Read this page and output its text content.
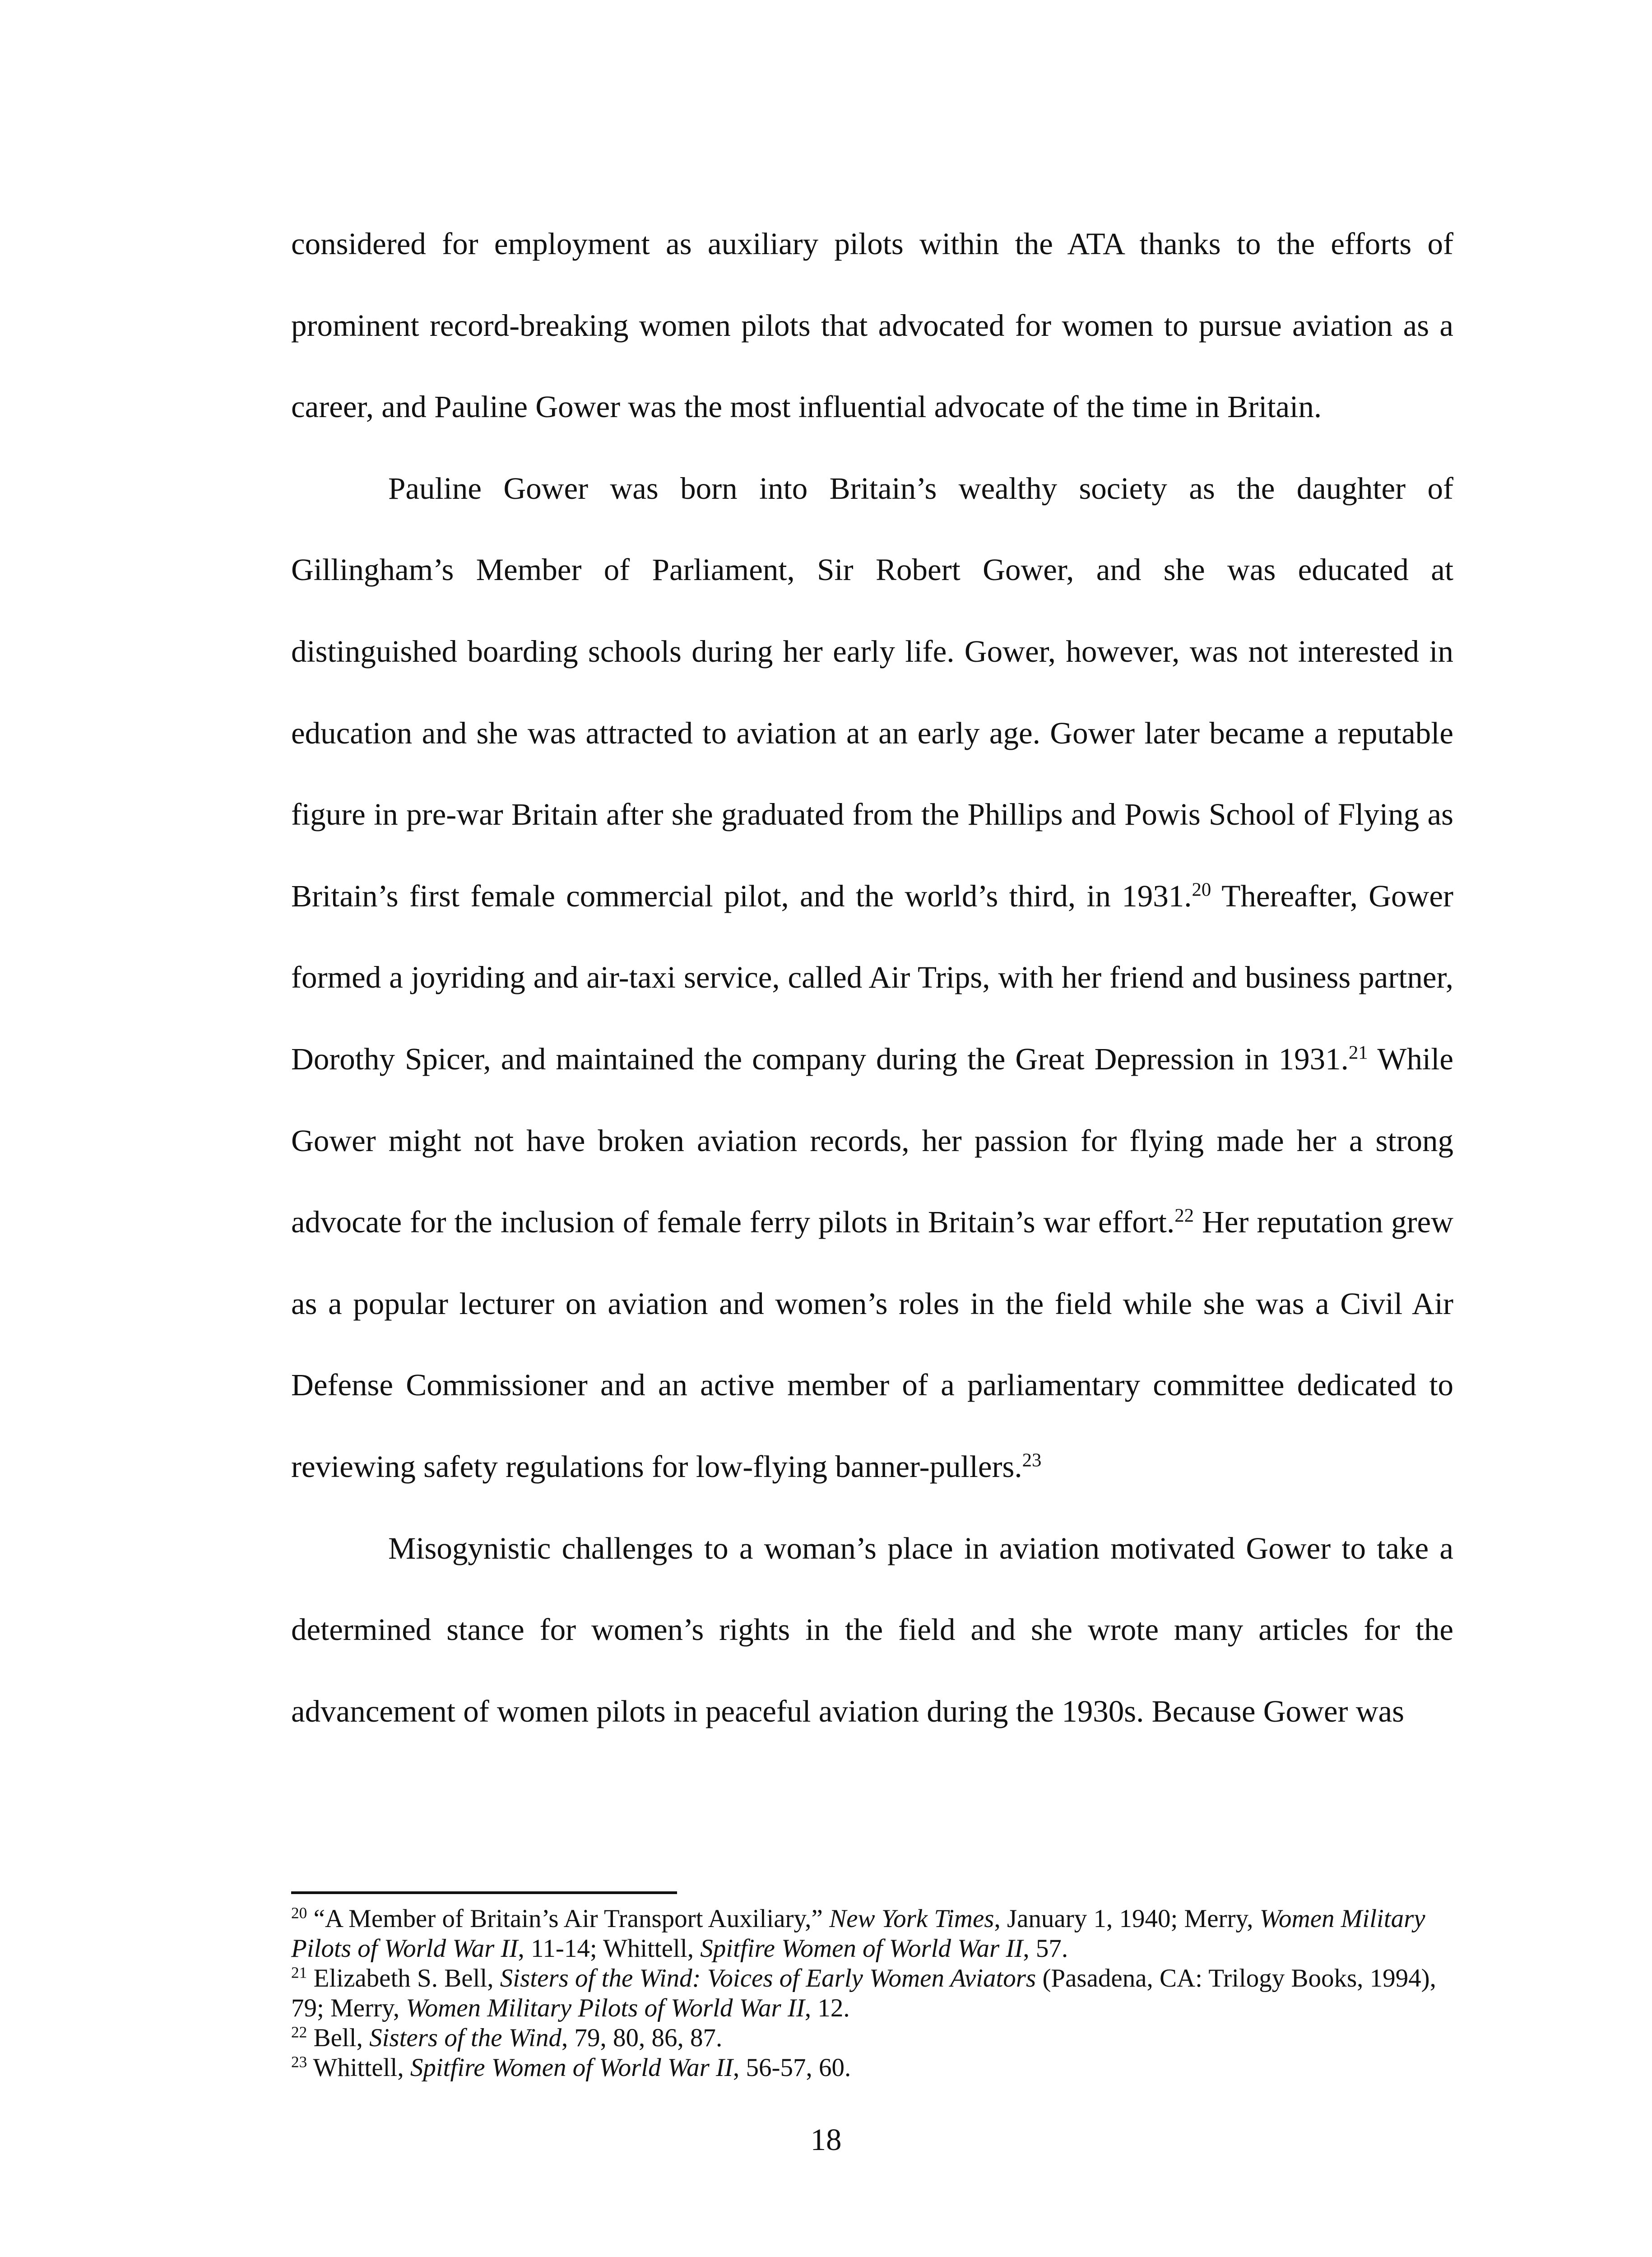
considered for employment as auxiliary pilots within the ATA thanks to the efforts of prominent record-breaking women pilots that advocated for women to pursue aviation as a career, and Pauline Gower was the most influential advocate of the time in Britain.

Pauline Gower was born into Britain’s wealthy society as the daughter of Gillingham’s Member of Parliament, Sir Robert Gower, and she was educated at distinguished boarding schools during her early life. Gower, however, was not interested in education and she was attracted to aviation at an early age. Gower later became a reputable figure in pre-war Britain after she graduated from the Phillips and Powis School of Flying as Britain’s first female commercial pilot, and the world’s third, in 1931.20 Thereafter, Gower formed a joyriding and air-taxi service, called Air Trips, with her friend and business partner, Dorothy Spicer, and maintained the company during the Great Depression in 1931.21 While Gower might not have broken aviation records, her passion for flying made her a strong advocate for the inclusion of female ferry pilots in Britain’s war effort.$^{22}$ Her reputation grew as a popular lecturer on aviation and women’s roles in the field while she was a Civil Air Defense Commissioner and an active member of a parliamentary committee dedicated to reviewing safety regulations for low-flying banner-pullers.$^{23}$

Misogynistic challenges to a woman’s place in aviation motivated Gower to take a determined stance for women’s rights in the field and she wrote many articles for the advancement of women pilots in peaceful aviation during the 1930s. Because Gower was

$^{20}$ “A Member of Britain’s Air Transport Auxiliary,” New York Times, January 1, 1940; Merry, Women Military Pilots of World War II, 11-14; Whittell, Spitfire Women of World War II, 57.

$^{21}$ Elizabeth S. Bell, Sisters of the Wind: Voices of Early Women Aviators (Pasadena, CA: Trilogy Books, 1994), 79; Merry, Women Military Pilots of World War II, 12.

$^{22}$ Bell, Sisters of the Wind, 79, 80, 86, 87.

$^{23}$ Whittell, Spitfire Women of World War II, 56-57, 60.

18
